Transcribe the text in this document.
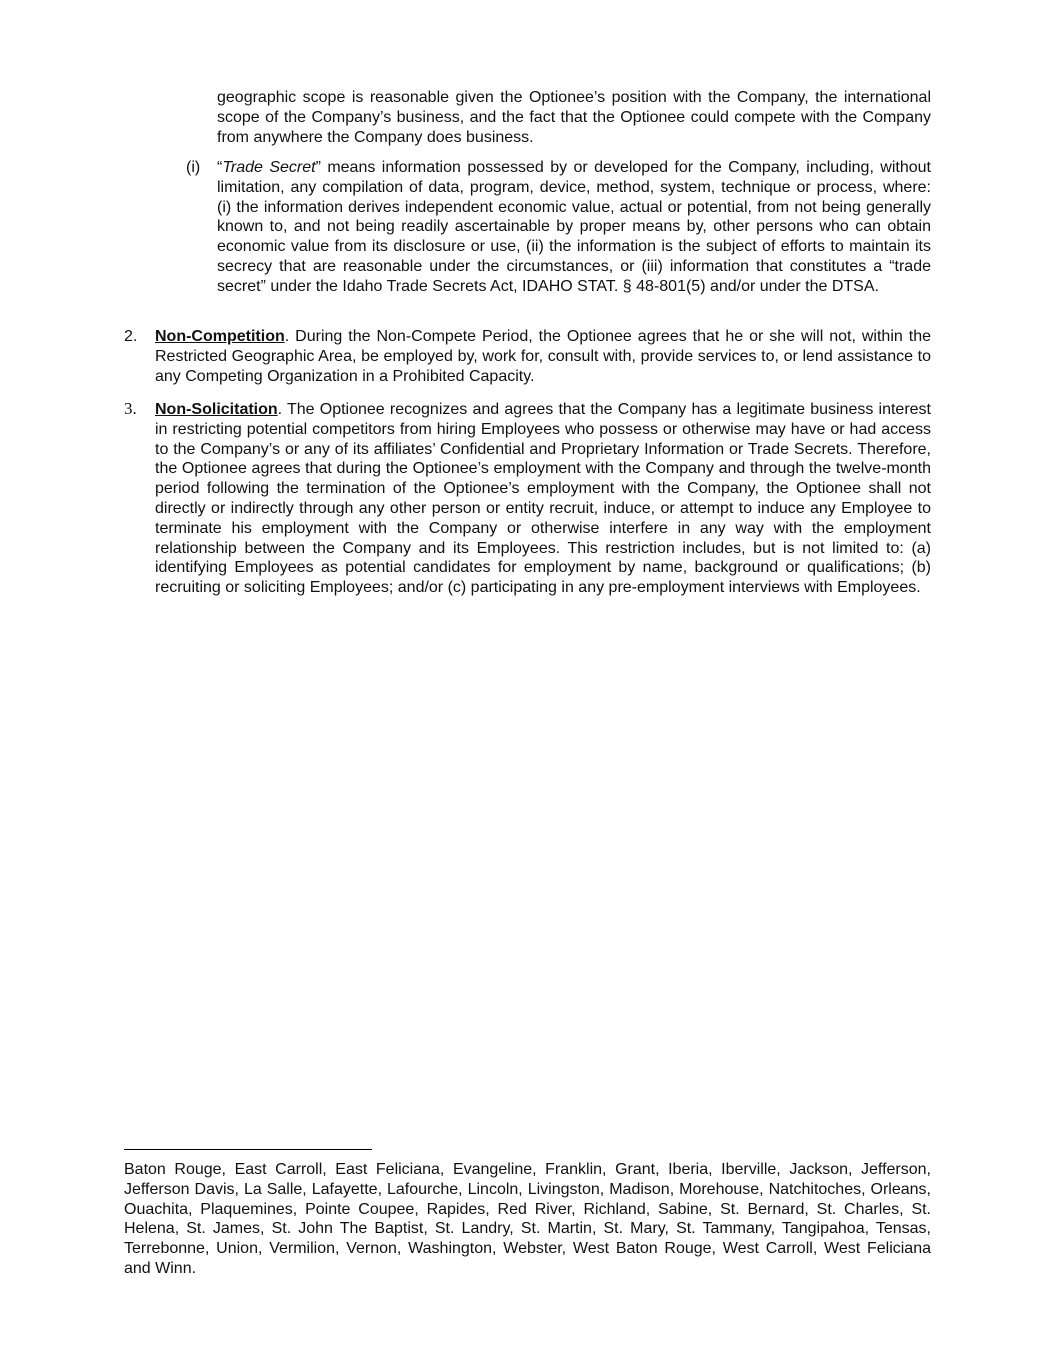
geographic scope is reasonable given the Optionee’s position with the Company, the international scope of the Company’s business, and the fact that the Optionee could compete with the Company from anywhere the Company does business.
(i) “Trade Secret” means information possessed by or developed for the Company, including, without limitation, any compilation of data, program, device, method, system, technique or process, where: (i) the information derives independent economic value, actual or potential, from not being generally known to, and not being readily ascertainable by proper means by, other persons who can obtain economic value from its disclosure or use, (ii) the information is the subject of efforts to maintain its secrecy that are reasonable under the circumstances, or (iii) information that constitutes a “trade secret” under the Idaho Trade Secrets Act, IDAHO STAT. § 48-801(5) and/or under the DTSA.
2. Non-Competition. During the Non-Compete Period, the Optionee agrees that he or she will not, within the Restricted Geographic Area, be employed by, work for, consult with, provide services to, or lend assistance to any Competing Organization in a Prohibited Capacity.
3. Non-Solicitation. The Optionee recognizes and agrees that the Company has a legitimate business interest in restricting potential competitors from hiring Employees who possess or otherwise may have or had access to the Company’s or any of its affiliates’ Confidential and Proprietary Information or Trade Secrets. Therefore, the Optionee agrees that during the Optionee’s employment with the Company and through the twelve-month period following the termination of the Optionee’s employment with the Company, the Optionee shall not directly or indirectly through any other person or entity recruit, induce, or attempt to induce any Employee to terminate his employment with the Company or otherwise interfere in any way with the employment relationship between the Company and its Employees. This restriction includes, but is not limited to: (a) identifying Employees as potential candidates for employment by name, background or qualifications; (b) recruiting or soliciting Employees; and/or (c) participating in any pre-employment interviews with Employees.
Baton Rouge, East Carroll, East Feliciana, Evangeline, Franklin, Grant, Iberia, Iberville, Jackson, Jefferson, Jefferson Davis, La Salle, Lafayette, Lafourche, Lincoln, Livingston, Madison, Morehouse, Natchitoches, Orleans, Ouachita, Plaquemines, Pointe Coupee, Rapides, Red River, Richland, Sabine, St. Bernard, St. Charles, St. Helena, St. James, St. John The Baptist, St. Landry, St. Martin, St. Mary, St. Tammany, Tangipahoa, Tensas, Terrebonne, Union, Vermilion, Vernon, Washington, Webster, West Baton Rouge, West Carroll, West Feliciana and Winn.
